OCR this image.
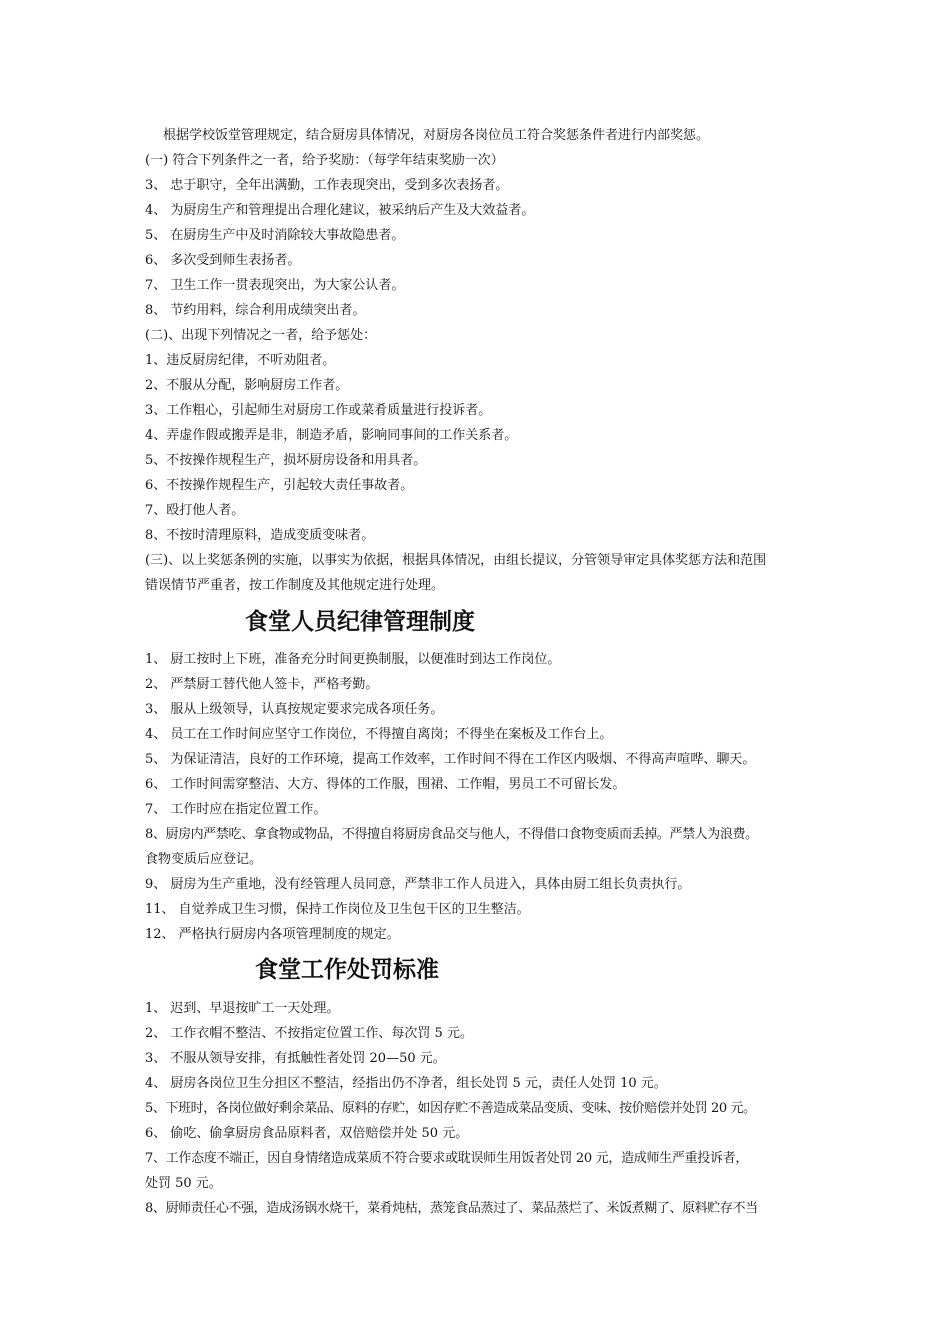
根据学校饭堂管理规定，结合厨房具体情况，对厨房各岗位员工符合奖惩条件者进行内部奖惩。
(一) 符合下列条件之一者，给予奖励：（每学年结束奖励一次）
3、 忠于职守，全年出满勤，工作表现突出，受到多次表扬者。
4、 为厨房生产和管理提出合理化建议，被采纳后产生及大效益者。
5、 在厨房生产中及时消除较大事故隐患者。
6、 多次受到师生表扬者。
7、 卫生工作一贯表现突出，为大家公认者。
8、 节约用料，综合利用成绩突出者。
(二)、出现下列情况之一者，给予惩处：
1、违反厨房纪律，不听劝阻者。
2、不服从分配，影响厨房工作者。
3、工作粗心，引起师生对厨房工作或菜肴质量进行投诉者。
4、弄虚作假或搬弄是非，制造矛盾，影响同事间的工作关系者。
5、不按操作规程生产，损坏厨房设备和用具者。
6、不按操作规程生产，引起较大责任事故者。
7、殴打他人者。
8、不按时清理原料，造成变质变味者。
(三)、以上奖惩条例的实施，以事实为依据，根据具体情况，由组长提议，分管领导审定具体奖惩方法和范围
错误情节严重者，按工作制度及其他规定进行处理。
食堂人员纪律管理制度
1、 厨工按时上下班，准备充分时间更换制服，以便准时到达工作岗位。
2、 严禁厨工替代他人签卡，严格考勤。
3、 服从上级领导，认真按规定要求完成各项任务。
4、 员工在工作时间应坚守工作岗位，不得擅自离岗；不得坐在案板及工作台上。
5、 为保证清洁，良好的工作环境，提高工作效率，工作时间不得在工作区内吸烟、不得高声喧哗、聊天。
6、 工作时间需穿整洁、大方、得体的工作服，围裙、工作帽，男员工不可留长发。
7、 工作时应在指定位置工作。
8、厨房内严禁吃、拿食物或物品，不得擅自将厨房食品交与他人，不得借口食物变质而丢掉。严禁人为浪费。
食物变质后应登记。
9、 厨房为生产重地，没有经管理人员同意，严禁非工作人员进入，具体由厨工组长负责执行。
11、 自觉养成卫生习惯，保持工作岗位及卫生包干区的卫生整洁。
12、 严格执行厨房内各项管理制度的规定。
食堂工作处罚标准
1、 迟到、早退按旷工一天处理。
2、 工作衣帽不整洁、不按指定位置工作、每次罚 5 元。
3、 不服从领导安排，有抵触性者处罚 20—50 元。
4、 厨房各岗位卫生分担区不整洁，经指出仍不净者，组长处罚 5 元，责任人处罚 10 元。
5、下班时，各岗位做好剩余菜品、原料的存贮，如因存贮不善造成菜品变质、变味、按价赔偿并处罚 20 元。
6、 偷吃、偷拿厨房食品原料者，双倍赔偿并处 50 元。
7、工作态度不端正，因自身情绪造成菜质不符合要求或耽误师生用饭者处罚 20 元，造成师生严重投诉者，
处罚 50 元。
8、厨师责任心不强，造成汤锅水烧干，菜肴炖枯，蒸笼食品蒸过了、菜品蒸烂了、米饭煮糊了、原料贮存不当
